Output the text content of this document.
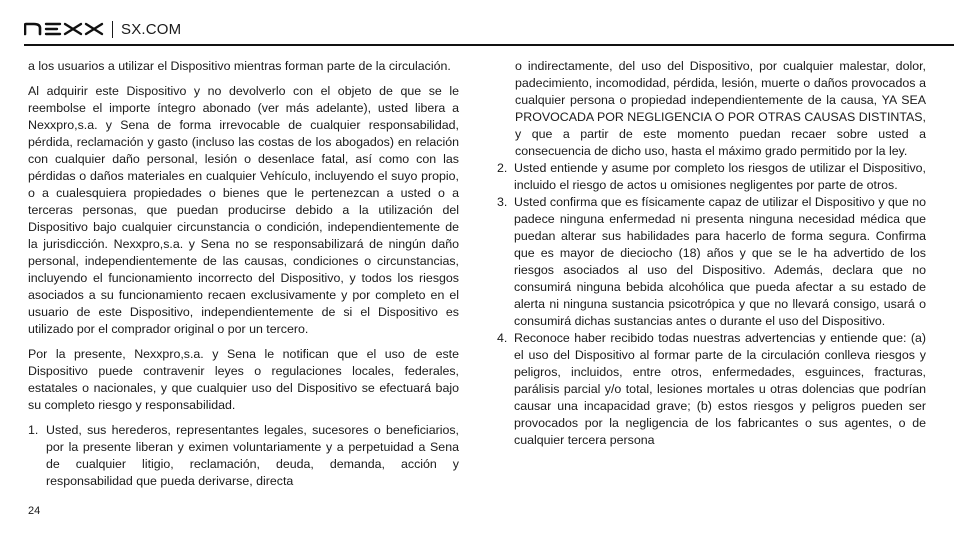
SX.COM

a los usuarios a utilizar el Dispositivo mientras forman parte de la circulación.

Al adquirir este Dispositivo y no devolverlo con el objeto de que se le reembolse el importe íntegro abonado (ver más adelante), usted libera a Nexxpro,s.a. y Sena de forma irrevocable de cualquier responsabilidad, pérdida, reclamación y gasto (incluso las costas de los abogados) en relación con cualquier daño personal, lesión o desenlace fatal, así como con las pérdidas o daños materiales en cualquier Vehículo, incluyendo el suyo propio, o a cualesquiera propiedades o bienes que le pertenezcan a usted o a terceras personas, que puedan producirse debido a la utilización del Dispositivo bajo cualquier circunstancia o condición, independientemente de la jurisdicción. Nexxpro,s.a. y Sena no se responsabilizará de ningún daño personal, independientemente de las causas, condiciones o circunstancias, incluyendo el funcionamiento incorrecto del Dispositivo, y todos los riesgos asociados a su funcionamiento recaen exclusivamente y por completo en el usuario de este Dispositivo, independientemente de si el Dispositivo es utilizado por el comprador original o por un tercero.

Por la presente, Nexxpro,s.a. y Sena le notifican que el uso de este Dispositivo puede contravenir leyes o regulaciones locales, federales, estatales o nacionales, y que cualquier uso del Dispositivo se efectuará bajo su completo riesgo y responsabilidad.

1. Usted, sus herederos, representantes legales, sucesores o beneficiarios, por la presente liberan y eximen voluntariamente y a perpetuidad a Sena de cualquier litigio, reclamación, deuda, demanda, acción y responsabilidad que pueda derivarse, directa

o indirectamente, del uso del Dispositivo, por cualquier malestar, dolor, padecimiento, incomodidad, pérdida, lesión, muerte o daños provocados a cualquier persona o propiedad independientemente de la causa, YA SEA PROVOCADA POR NEGLIGENCIA O POR OTRAS CAUSAS DISTINTAS, y que a partir de este momento puedan recaer sobre usted a consecuencia de dicho uso, hasta el máximo grado permitido por la ley.

2. Usted entiende y asume por completo los riesgos de utilizar el Dispositivo, incluido el riesgo de actos u omisiones negligentes por parte de otros.
3. Usted confirma que es físicamente capaz de utilizar el Dispositivo y que no padece ninguna enfermedad ni presenta ninguna necesidad médica que puedan alterar sus habilidades para hacerlo de forma segura. Confirma que es mayor de dieciocho (18) años y que se le ha advertido de los riesgos asociados al uso del Dispositivo. Además, declara que no consumirá ninguna bebida alcohólica que pueda afectar a su estado de alerta ni ninguna sustancia psicotrópica y que no llevará consigo, usará o consumirá dichas sustancias antes o durante el uso del Dispositivo.
4. Reconoce haber recibido todas nuestras advertencias y entiende que: (a) el uso del Dispositivo al formar parte de la circulación conlleva riesgos y peligros, incluidos, entre otros, enfermedades, esguinces, fracturas, parálisis parcial y/o total, lesiones mortales u otras dolencias que podrían causar una incapacidad grave; (b) estos riesgos y peligros pueden ser provocados por la negligencia de los fabricantes o sus agentes, o de cualquier tercera persona
24
